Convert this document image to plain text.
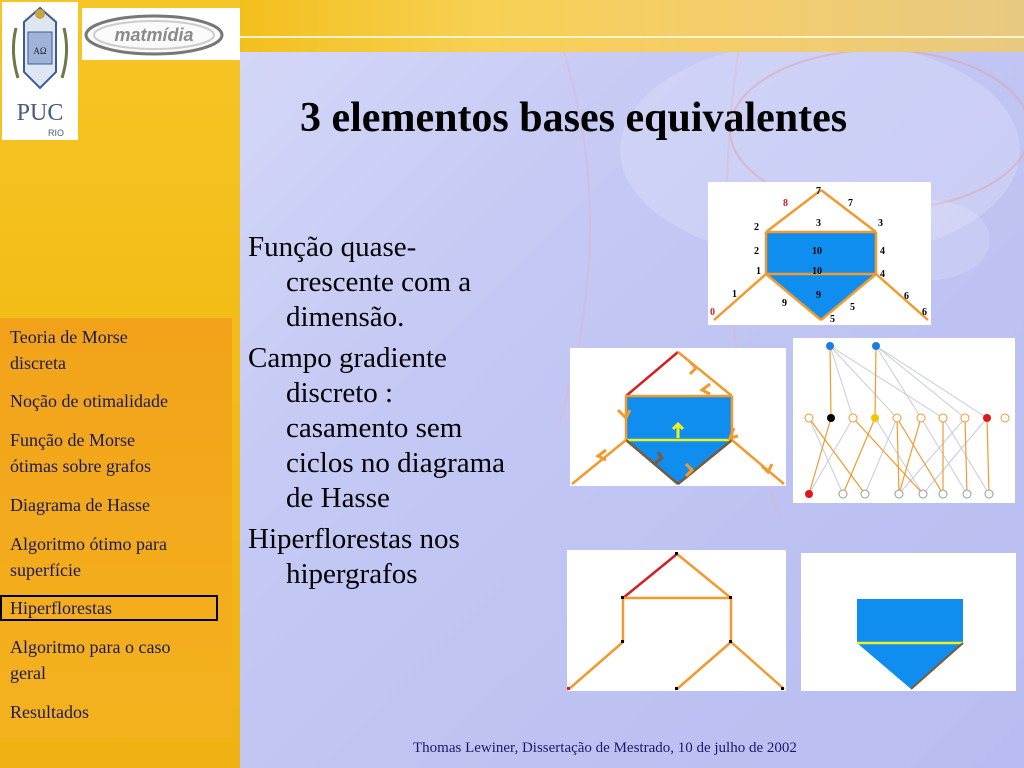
ΑΩ
PUC
RIO
matmídia
3 elementos bases equivalentes
Teoria de Morse
discreta
Noção de otimalidade
Função de Morse
ótimas sobre grafos
Diagrama de Hasse
Algoritmo ótimo para
superfície
Hiperflorestas
Algoritmo para o caso
geral
Resultados
Função quase-
crescente com a
dimensão.
Campo gradiente
discreto :
casamento sem
ciclos no diagrama
de Hasse
Hiperflorestas nos
hipergrafos
7
8	7
3
2	3
2	4
10
10
1	4
1	9
9	5
6
0
5
6
Thomas Lewiner, Dissertação de Mestrado, 10 de julho de 2002
